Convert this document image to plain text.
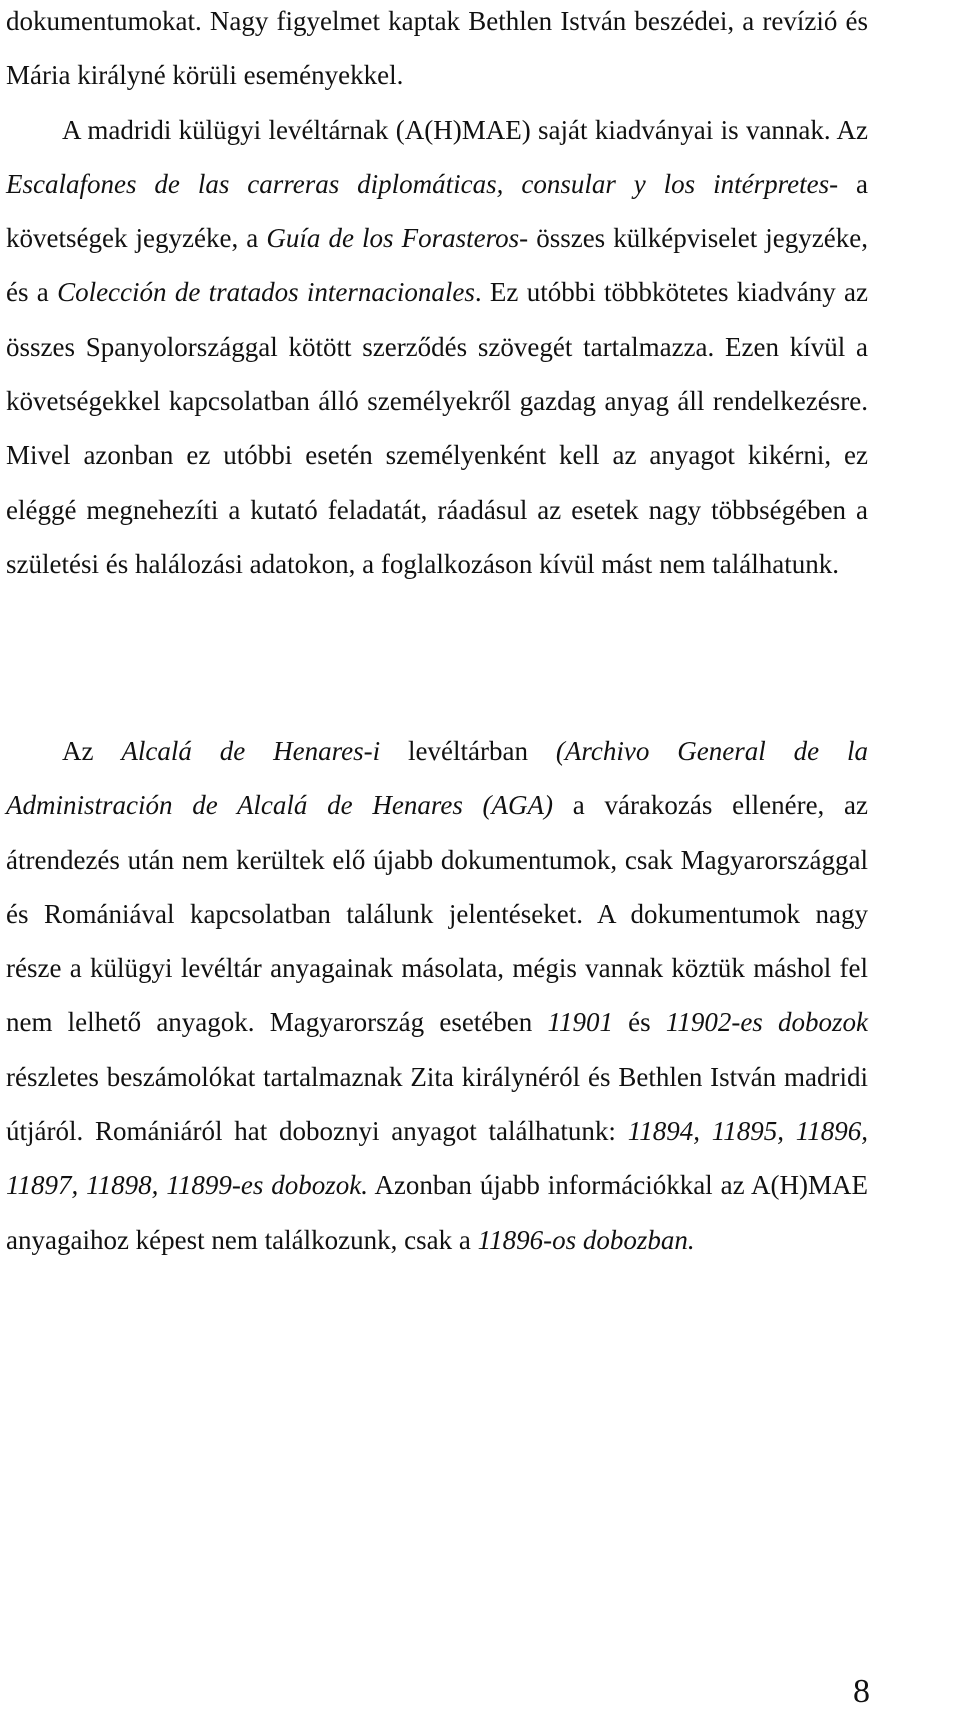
dokumentumokat. Nagy figyelmet kaptak Bethlen István beszédei, a revízió és Mária királyné körüli eseményekkel.
A madridi külügyi levéltárnak (A(H)MAE) saját kiadványai is vannak. Az Escalafones de las carreras diplomáticas, consular y los intérpretes- a követségek jegyzéke, a Guía de los Forasteros- összes külképviselet jegyzéke, és a Colección de tratados internacionales. Ez utóbbi többkötetes kiadvány az összes Spanyolországgal kötött szerződés szövegét tartalmazza. Ezen kívül a követségekkel kapcsolatban álló személyekről gazdag anyag áll rendelkezésre. Mivel azonban ez utóbbi esetén személyenként kell az anyagot kikérni, ez eléggé megnehezíti a kutató feladatát, ráadásul az esetek nagy többségében a születési és halálozási adatokon, a foglalkozáson kívül mást nem találhatunk.

Az Alcalá de Henares-i levéltárban (Archivo General de la Administración de Alcalá de Henares (AGA) a várakozás ellenére, az átrendezés után nem kerültek elő újabb dokumentumok, csak Magyarországgal és Romániával kapcsolatban találunk jelentéseket. A dokumentumok nagy része a külügyi levéltár anyagainak másolata, mégis vannak köztük máshol fel nem lelhető anyagok. Magyarország esetében 11901 és 11902-es dobozok részletes beszámolókat tartalmaznak Zita királynéról és Bethlen István madridi útjáról. Romániáról hat doboznyi anyagot találhatunk: 11894, 11895, 11896, 11897, 11898, 11899-es dobozok. Azonban újabb információkkal az A(H)MAE anyagaihoz képest nem találkozunk, csak a 11896-os dobozban.

8
